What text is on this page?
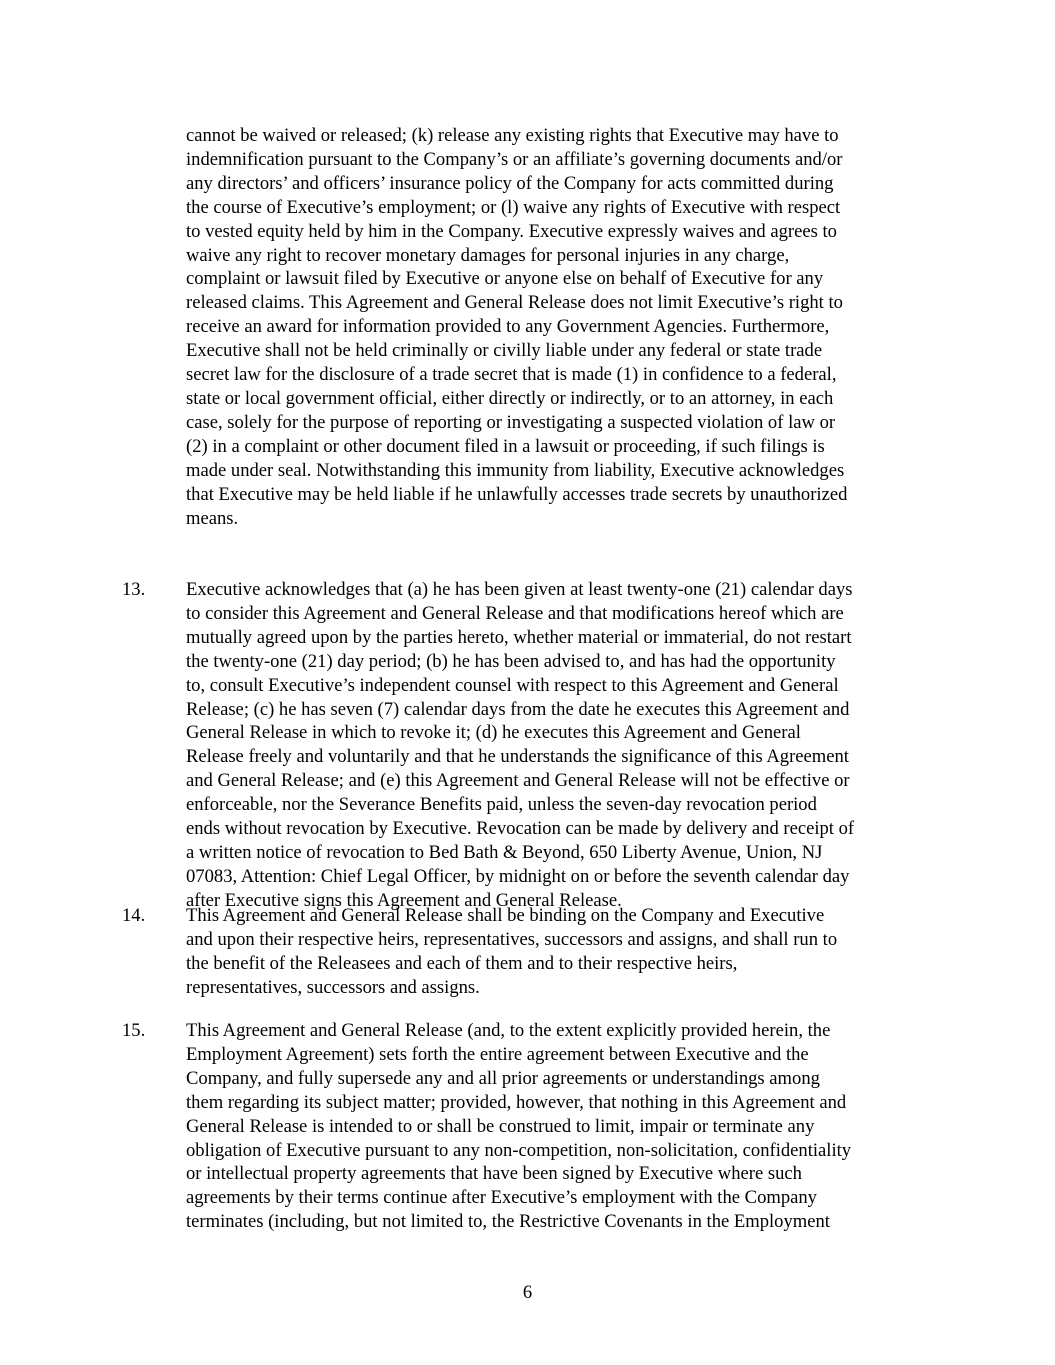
cannot be waived or released; (k) release any existing rights that Executive may have to
indemnification pursuant to the Company’s or an affiliate’s governing documents and/or
any directors’ and officers’ insurance policy of the Company for acts committed during
the course of Executive’s employment; or (l) waive any rights of Executive with respect
to vested equity held by him in the Company. Executive expressly waives and agrees to
waive any right to recover monetary damages for personal injuries in any charge,
complaint or lawsuit filed by Executive or anyone else on behalf of Executive for any
released claims. This Agreement and General Release does not limit Executive’s right to
receive an award for information provided to any Government Agencies. Furthermore,
Executive shall not be held criminally or civilly liable under any federal or state trade
secret law for the disclosure of a trade secret that is made (1) in confidence to a federal,
state or local government official, either directly or indirectly, or to an attorney, in each
case, solely for the purpose of reporting or investigating a suspected violation of law or
(2) in a complaint or other document filed in a lawsuit or proceeding, if such filings is
made under seal. Notwithstanding this immunity from liability, Executive acknowledges
that Executive may be held liable if he unlawfully accesses trade secrets by unauthorized
means.
13. Executive acknowledges that (a) he has been given at least twenty-one (21) calendar days
to consider this Agreement and General Release and that modifications hereof which are
mutually agreed upon by the parties hereto, whether material or immaterial, do not restart
the twenty-one (21) day period; (b) he has been advised to, and has had the opportunity
to, consult Executive’s independent counsel with respect to this Agreement and General
Release; (c) he has seven (7) calendar days from the date he executes this Agreement and
General Release in which to revoke it; (d) he executes this Agreement and General
Release freely and voluntarily and that he understands the significance of this Agreement
and General Release; and (e) this Agreement and General Release will not be effective or
enforceable, nor the Severance Benefits paid, unless the seven-day revocation period
ends without revocation by Executive. Revocation can be made by delivery and receipt of
a written notice of revocation to Bed Bath & Beyond, 650 Liberty Avenue, Union, NJ
07083, Attention: Chief Legal Officer, by midnight on or before the seventh calendar day
after Executive signs this Agreement and General Release.
14. This Agreement and General Release shall be binding on the Company and Executive
and upon their respective heirs, representatives, successors and assigns, and shall run to
the benefit of the Releasees and each of them and to their respective heirs,
representatives, successors and assigns.
15. This Agreement and General Release (and, to the extent explicitly provided herein, the
Employment Agreement) sets forth the entire agreement between Executive and the
Company, and fully supersede any and all prior agreements or understandings among
them regarding its subject matter; provided, however, that nothing in this Agreement and
General Release is intended to or shall be construed to limit, impair or terminate any
obligation of Executive pursuant to any non-competition, non-solicitation, confidentiality
or intellectual property agreements that have been signed by Executive where such
agreements by their terms continue after Executive’s employment with the Company
terminates (including, but not limited to, the Restrictive Covenants in the Employment
6
